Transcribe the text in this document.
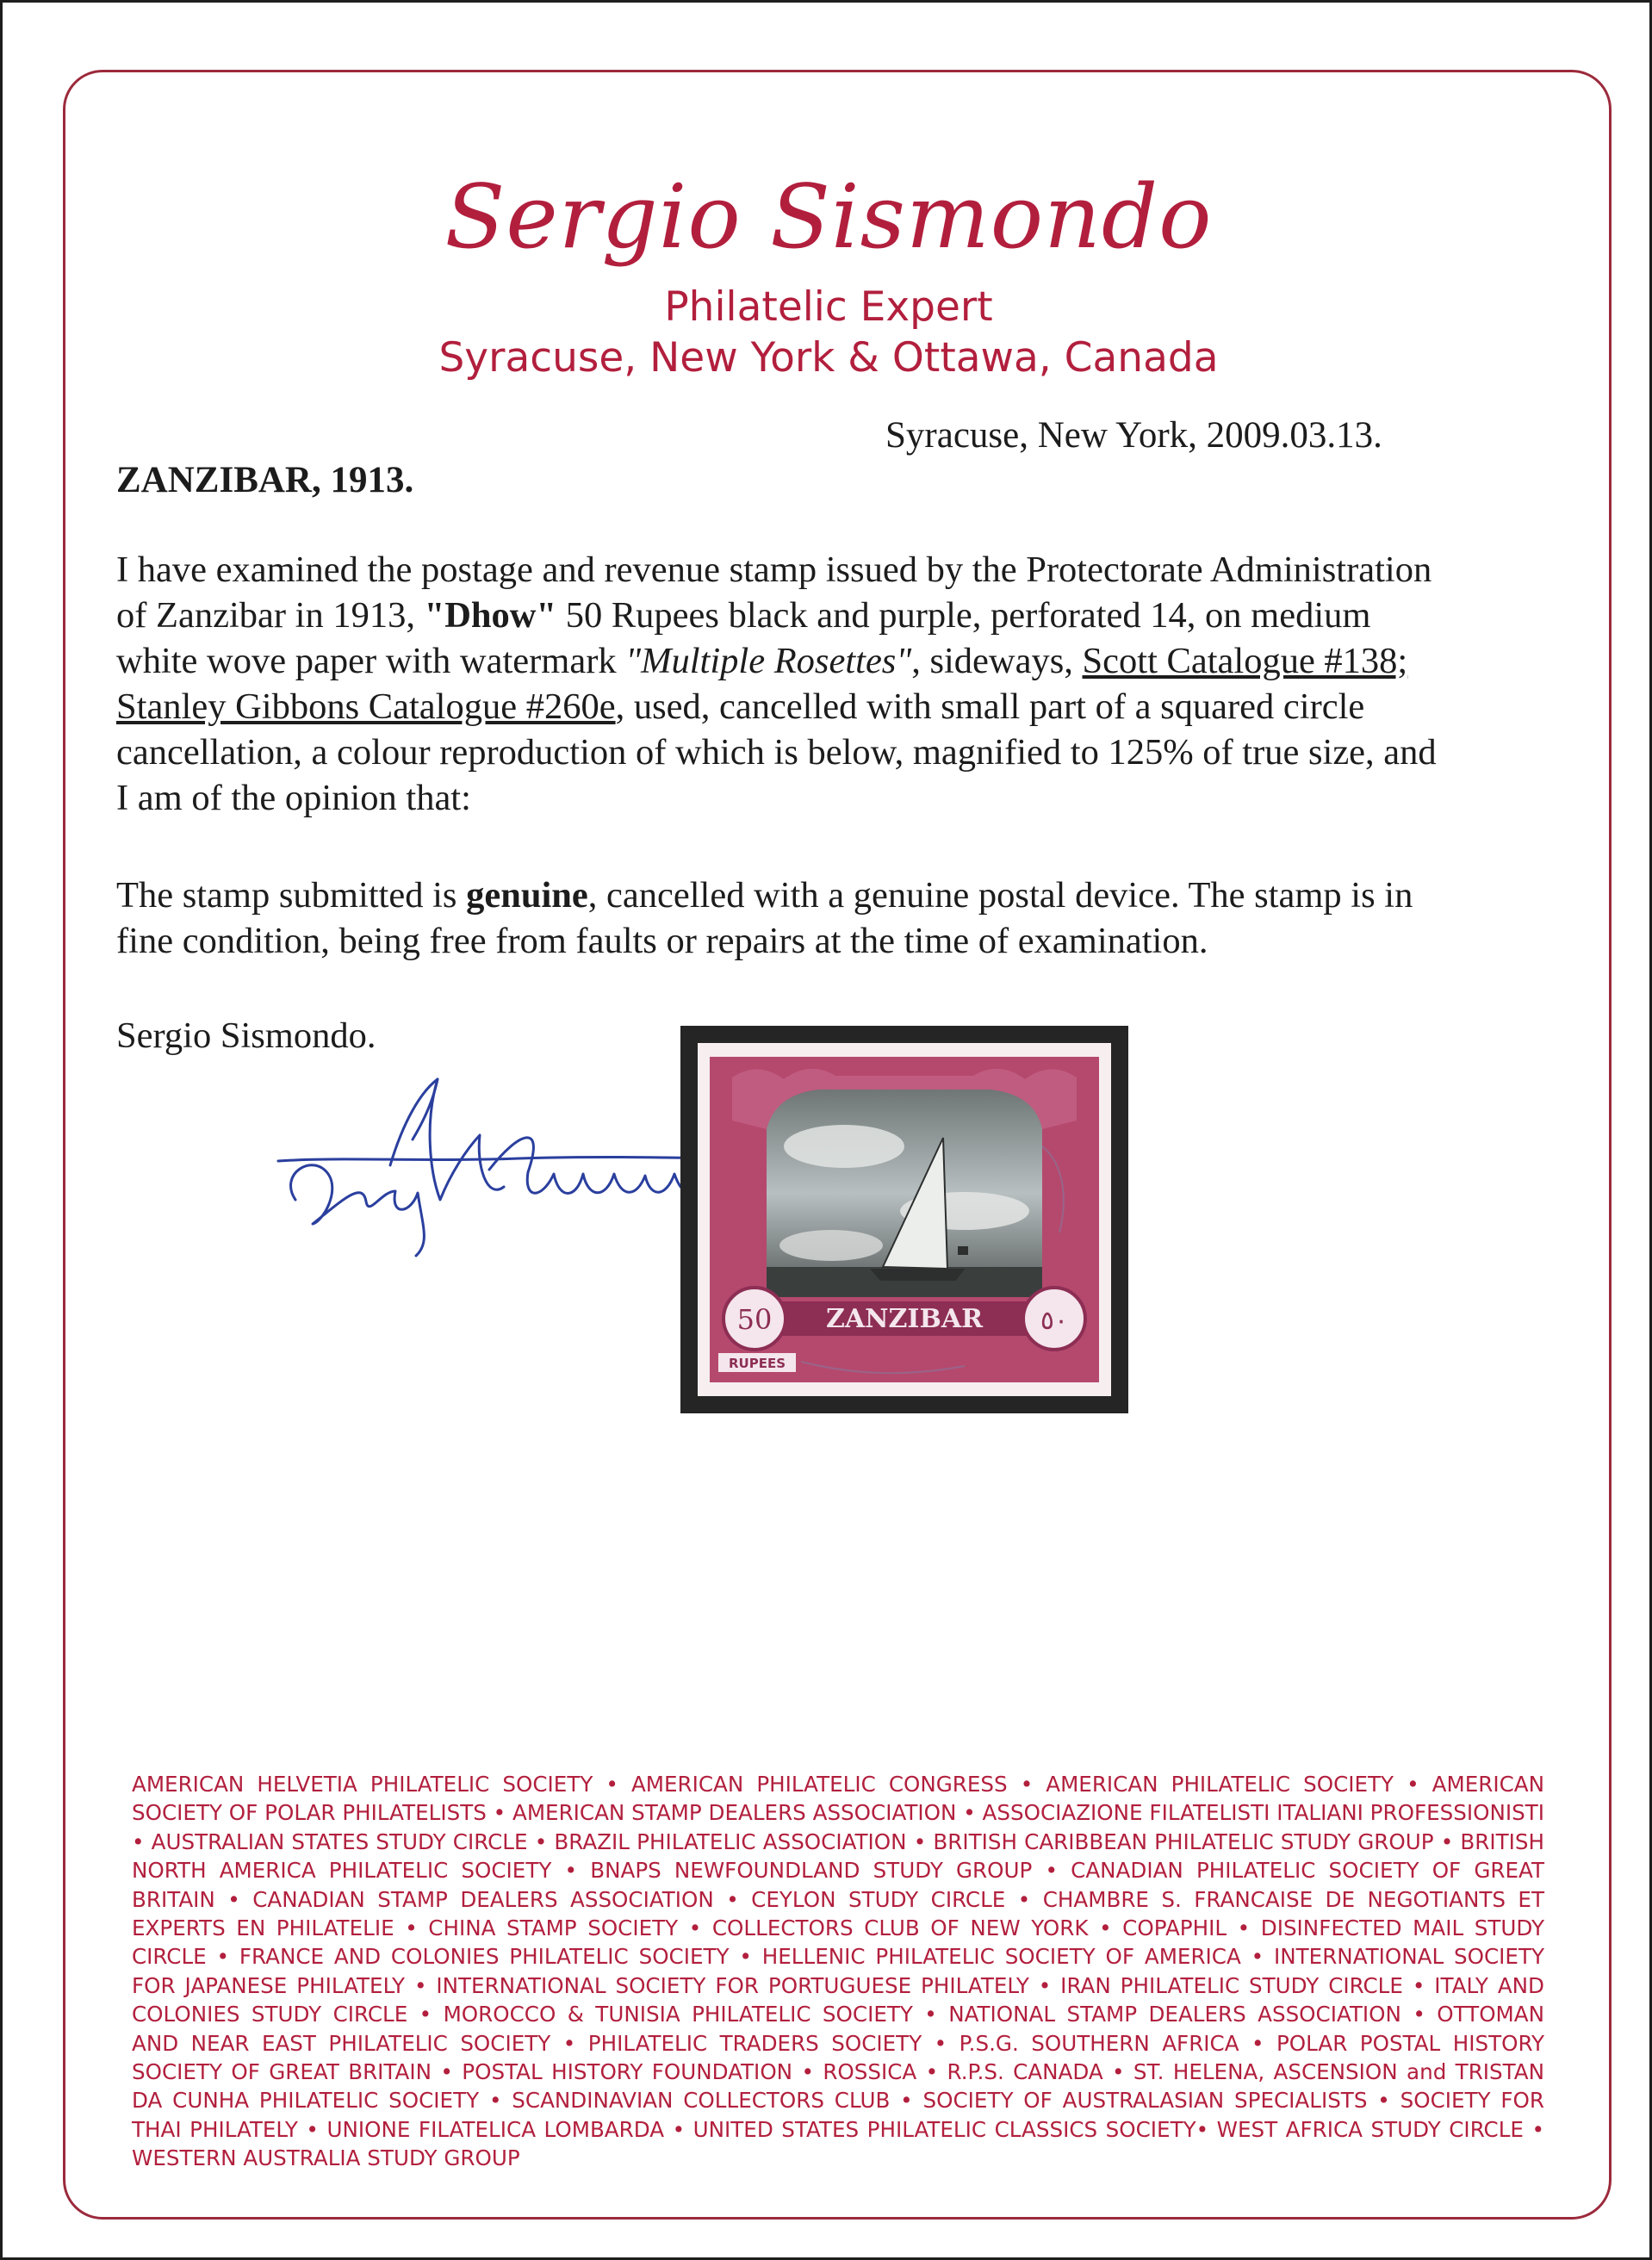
Sergio Sismondo
Philatelic Expert
Syracuse, New York & Ottawa, Canada
Syracuse, New York, 2009.03.13.
ZANZIBAR, 1913.
I have examined the postage and revenue stamp issued by the Protectorate Administration
of Zanzibar in 1913, "Dhow" 50 Rupees black and purple, perforated 14, on medium
white wove paper with watermark "Multiple Rosettes", sideways, Scott Catalogue #138;
Stanley Gibbons Catalogue #260e, used, cancelled with small part of a squared circle
cancellation, a colour reproduction of which is below, magnified to 125% of true size, and
I am of the opinion that:
The stamp submitted is genuine, cancelled with a genuine postal device. The stamp is in
fine condition, being free from faults or repairs at the time of examination.
Sergio Sismondo.
ZANZIBAR
50	٥٠
RUPEES
AMERICAN HELVETIA PHILATELIC SOCIETY • AMERICAN PHILATELIC CONGRESS • AMERICAN PHILATELIC SOCIETY • AMERICAN
SOCIETY OF POLAR PHILATELISTS • AMERICAN STAMP DEALERS ASSOCIATION • ASSOCIAZIONE FILATELISTI ITALIANI PROFESSIONISTI
• AUSTRALIAN STATES STUDY CIRCLE • BRAZIL PHILATELIC ASSOCIATION • BRITISH CARIBBEAN PHILATELIC STUDY GROUP • BRITISH
NORTH AMERICA PHILATELIC SOCIETY • BNAPS NEWFOUNDLAND STUDY GROUP • CANADIAN PHILATELIC SOCIETY OF GREAT
BRITAIN • CANADIAN STAMP DEALERS ASSOCIATION • CEYLON STUDY CIRCLE • CHAMBRE S. FRANCAISE DE NEGOTIANTS ET
EXPERTS EN PHILATELIE • CHINA STAMP SOCIETY • COLLECTORS CLUB OF NEW YORK • COPAPHIL • DISINFECTED MAIL STUDY
CIRCLE • FRANCE AND COLONIES PHILATELIC SOCIETY • HELLENIC PHILATELIC SOCIETY OF AMERICA • INTERNATIONAL SOCIETY
FOR JAPANESE PHILATELY • INTERNATIONAL SOCIETY FOR PORTUGUESE PHILATELY • IRAN PHILATELIC STUDY CIRCLE • ITALY AND
COLONIES STUDY CIRCLE • MOROCCO & TUNISIA PHILATELIC SOCIETY • NATIONAL STAMP DEALERS ASSOCIATION • OTTOMAN
AND NEAR EAST PHILATELIC SOCIETY • PHILATELIC TRADERS SOCIETY • P.S.G. SOUTHERN AFRICA • POLAR POSTAL HISTORY
SOCIETY OF GREAT BRITAIN • POSTAL HISTORY FOUNDATION • ROSSICA • R.P.S. CANADA • ST. HELENA, ASCENSION and TRISTAN
DA CUNHA PHILATELIC SOCIETY • SCANDINAVIAN COLLECTORS CLUB • SOCIETY OF AUSTRALASIAN SPECIALISTS • SOCIETY FOR
THAI PHILATELY • UNIONE FILATELICA LOMBARDA • UNITED STATES PHILATELIC CLASSICS SOCIETY• WEST AFRICA STUDY CIRCLE •
WESTERN AUSTRALIA STUDY GROUP
